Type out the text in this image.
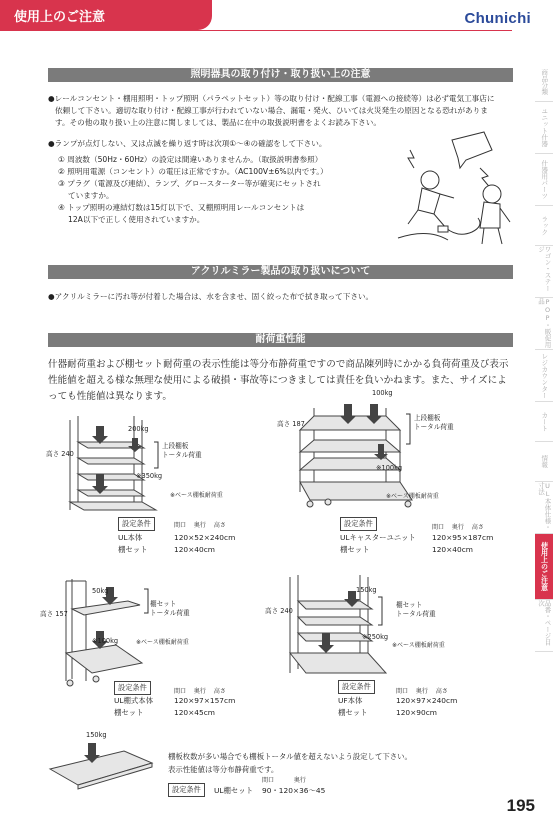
使用上のご注意	Chunichi
照明器具の取り付け・取り扱い上の注意
●レールコンセント・棚用照明・トップ照明（パラペットセット）等の取り付け・配線工事（電源への接続等）は必ず電気工事店に
依頼して下さい。適切な取り付け・配線工事が行われていない場合、漏電・発火、ひいては火災発生の原因となる恐れがありま
す。その他の取り扱い上の注意に関しましては、製品に在中の取扱説明書をよくお読み下さい。
●ランプが点灯しない、又は点滅を繰り返す時は次項①〜④の確認をして下さい。
① 周波数（50Hz・60Hz）の設定は間違いありませんか。（取扱説明書参照）
② 照明用電源（コンセント）の電圧は正常ですか。（AC100V±6%以内です。）
③ プラグ（電源及び連結）、ランプ、グロースターター等が確実にセットされ
　 ていますか。
④ トップ照明の連結灯数は15灯以下で、又棚照明用レールコンセントは
　 12A以下で正しく使用されていますか。
アクリルミラー製品の取り扱いについて
●アクリルミラーに汚れ等が付着した場合は、水を含ませ、固く絞った布で拭き取って下さい。
耐荷重性能
什器耐荷重および棚セット耐荷重の表示性能は等分布静荷重ですので商品陳列時にかかる負荷荷重及び表示性能値を超える様な無理な使用による破損・事故等につきましては責任を負いかねます。また、サイズによっても性能値は異なります。
高さ 240
200kg
上段棚板
トータル荷重
※350kg
※ベース棚板耐荷重
設定条件	間口　 奥行　 高さ
UL本体	120×52×240cm
棚セット	120×40cm
高さ 187
100kg
上段棚板
トータル荷重
※100kg
※ベース棚板耐荷重
設定条件	間口　 奥行　 高さ
ULキャスターユニット 120×95×187cm
棚セット	120×40cm
高さ 157
50kg
棚セット
トータル荷重
※100kg	※ベース棚板耐荷重
設定条件	間口　 奥行　 高さ
UL棚式本体	120×97×157cm
棚セット	120×45cm
高さ 240
150kg
棚セット
トータル荷重
※250kg
※ベース棚板耐荷重
設定条件
間口　 奥行　 高さ
UF本体	120×97×240cm
棚セット	120×90cm
150kg
棚板枚数が多い場合でも棚板トータル値を超えないよう設定して下さい。
表示性能値は等分布静荷重です。
間口　　　 奥行
設定条件	UL棚セット 90・120×36〜45
商品分類
ユニット什器
什器用パーツ
ラック
ワゴン・ステージ
POP・販促用品
レジカウンター
カート
情報
UL本体仕様・寸法
使用上のご注意
品番・ページ目次
195
